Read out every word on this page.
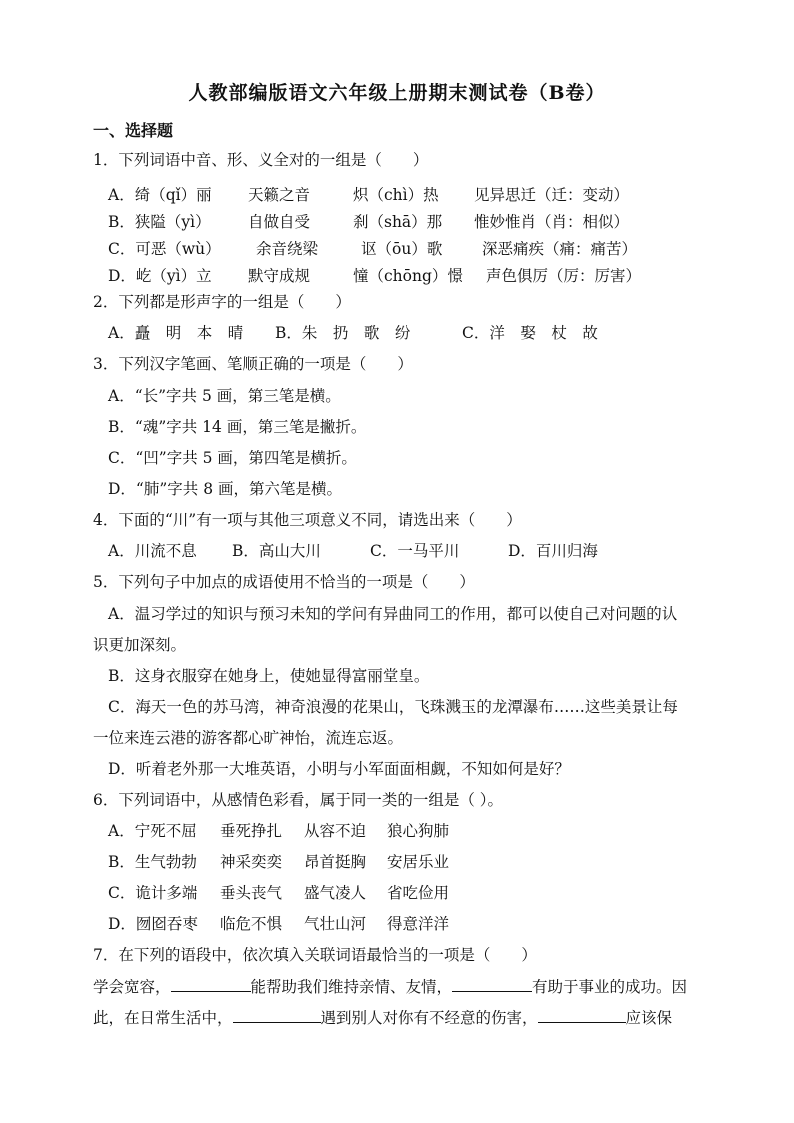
人教部编版语文六年级上册期末测试卷（B卷）
一、选择题
1．下列词语中音、形、义全对的一组是（　　）
A．绮（qǐ）丽 天籁之音	炽（chì）热 见异思迁（迁：变动）
B．狭隘（yì） 自做自受	刹（shā）那 惟妙惟肖（肖：相似）
C．可恶（wù） 余音绕梁	讴（ōu）歌	深恶痛疾（痛：痛苦）
D．屹（yì）立 默守成规	憧（chōng）憬 声色俱厉（厉：厉害）
2．下列都是形声字的一组是（　　）
A．矗　明　本　晴 B．朱　扔　歌　纷	C．洋　娶　杖　故
3．下列汉字笔画、笔顺正确的一项是（　　）
A．“长”字共 5 画，第三笔是横。
B．“魂”字共 14 画，第三笔是撇折。
C．“凹”字共 5 画，第四笔是横折。
D．“肺”字共 8 画，第六笔是横。
4．下面的“川”有一项与其他三项意义不同，请选出来（　　）
A．川流不息 B．高山大川	C．一马平川	D．百川归海
5．下列句子中加点的成语使用不恰当的一项是（　　）
A．温习学过的知识与预习未知的学问有异曲同工的作用，都可以使自己对问题的认
识更加深刻。
B．这身衣服穿在她身上，使她显得富丽堂皇。
C．海天一色的苏马湾，神奇浪漫的花果山，飞珠溅玉的龙潭瀑布……这些美景让每
一位来连云港的游客都心旷神怡，流连忘返。
D．听着老外那一大堆英语，小明与小军面面相觑，不知如何是好？
6．下列词语中，从感情色彩看，属于同一类的一组是（ ）。
A．宁死不屈 垂死挣扎 从容不迫 狼心狗肺
B．生气勃勃 神采奕奕 昂首挺胸 安居乐业
C．诡计多端 垂头丧气 盛气凌人 省吃俭用
D．囫囵吞枣 临危不惧 气壮山河 得意洋洋
7．在下列的语段中，依次填入关联词语最恰当的一项是（　　）
学会宽容，	能帮助我们维持亲情、友情，	有助于事业的成功。因
此，在日常生活中，	遇到别人对你有不经意的伤害，	应该保
